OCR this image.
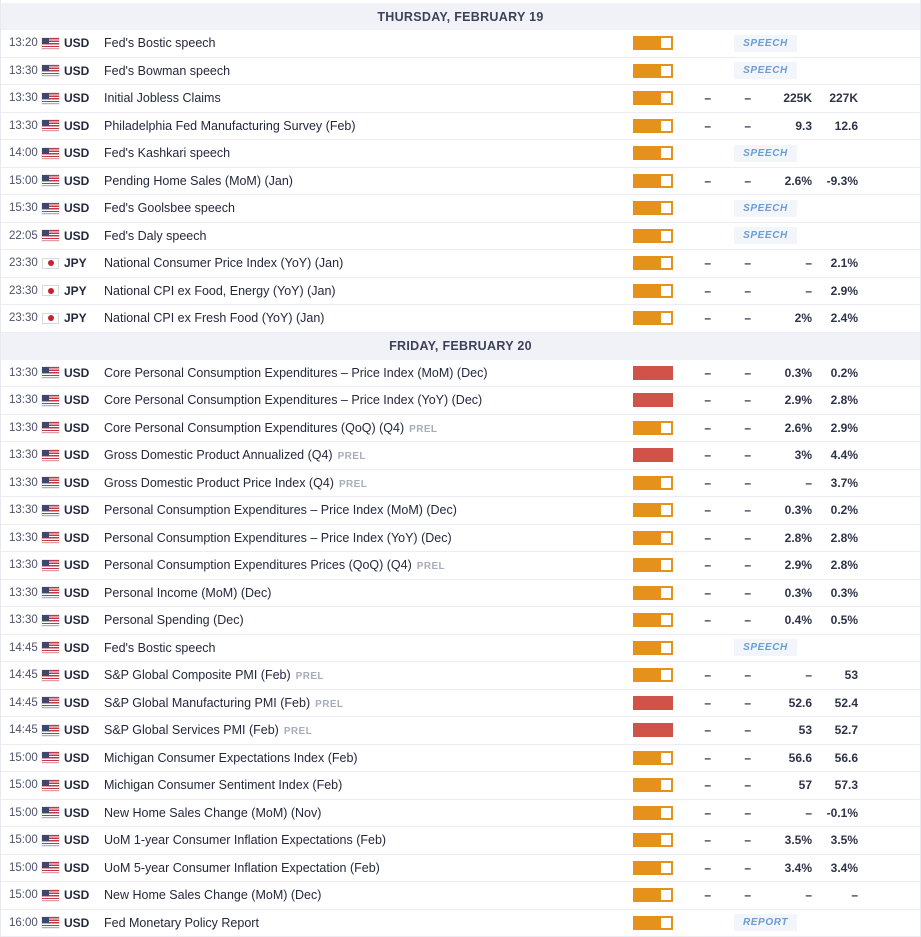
THURSDAY, FEBRUARY 19
13:20 USD	Fed's Bostic speech	SPEECH
13:30 USD	Fed's Bowman speech	SPEECH
13:30 USD	Initial Jobless Claims	–	–	225K	227K
13:30 USD	Philadelphia Fed Manufacturing Survey (Feb)	–	–	9.3	12.6
14:00 USD	Fed's Kashkari speech	SPEECH
15:00 USD	Pending Home Sales (MoM) (Jan)	–	–	2.6%	-9.3%
15:30 USD	Fed's Goolsbee speech	SPEECH
22:05 USD	Fed's Daly speech	SPEECH
23:30 JPY	National Consumer Price Index (YoY) (Jan)	–	–	–	2.1%
23:30 JPY	National CPI ex Food, Energy (YoY) (Jan)	–	–	–	2.9%
23:30 JPY	National CPI ex Fresh Food (YoY) (Jan)	–	–	2%	2.4%
FRIDAY, FEBRUARY 20
13:30 USD	Core Personal Consumption Expenditures – Price Index (MoM) (Dec)	–	–	0.3%	0.2%
13:30 USD	Core Personal Consumption Expenditures – Price Index (YoY) (Dec)	–	–	2.9%	2.8%
13:30 USD	Core Personal Consumption Expenditures (QoQ) (Q4) PREL	–	–	2.6%	2.9%
13:30 USD	Gross Domestic Product Annualized (Q4) PREL	–	–	3%	4.4%
13:30 USD	Gross Domestic Product Price Index (Q4) PREL	–	–	–	3.7%
13:30 USD	Personal Consumption Expenditures – Price Index (MoM) (Dec)	–	–	0.3%	0.2%
13:30 USD	Personal Consumption Expenditures – Price Index (YoY) (Dec)	–	–	2.8%	2.8%
13:30 USD	Personal Consumption Expenditures Prices (QoQ) (Q4) PREL	–	–	2.9%	2.8%
13:30 USD	Personal Income (MoM) (Dec)	–	–	0.3%	0.3%
13:30 USD	Personal Spending (Dec)	–	–	0.4%	0.5%
14:45 USD	Fed's Bostic speech	SPEECH
14:45 USD	S&P Global Composite PMI (Feb) PREL	–	–	–	53
14:45 USD	S&P Global Manufacturing PMI (Feb) PREL	–	–	52.6	52.4
14:45 USD	S&P Global Services PMI (Feb) PREL	–	–	53	52.7
15:00 USD	Michigan Consumer Expectations Index (Feb)	–	–	56.6	56.6
15:00 USD	Michigan Consumer Sentiment Index (Feb)	–	–	57	57.3
15:00 USD	New Home Sales Change (MoM) (Nov)	–	–	–	-0.1%
15:00 USD	UoM 1-year Consumer Inflation Expectations (Feb)	–	–	3.5%	3.5%
15:00 USD	UoM 5-year Consumer Inflation Expectation (Feb)	–	–	3.4%	3.4%
15:00 USD	New Home Sales Change (MoM) (Dec)	–	–	–	–
16:00 USD	Fed Monetary Policy Report	REPORT
